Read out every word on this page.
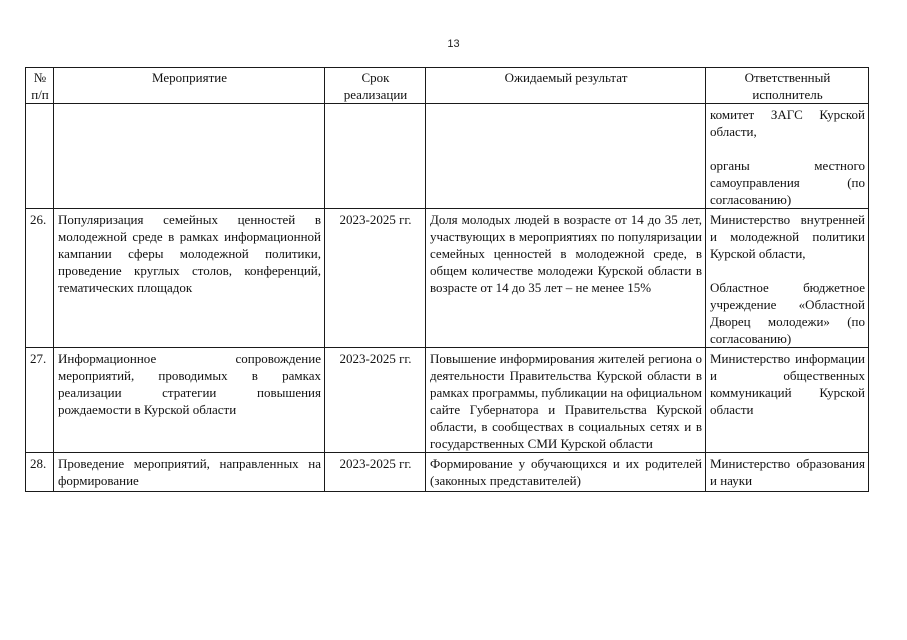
13
№ п/п	Мероприятие	Срок реализации	Ожидаемый результат	Ответственный исполнитель

				комитет ЗАГС Курской области,
органы местного самоуправления (по согласованию)

26.	Популяризация семейных ценностей в молодежной среде в рамках информационной кампании сферы молодежной политики, проведение круглых столов, конференций, тематических площадок	2023-2025 гг.	Доля молодых людей в возрасте от 14 до 35 лет, участвующих в мероприятиях по популяризации семейных ценностей в молодежной среде, в общем количестве молодежи Курской области в возрасте от 14 до 35 лет – не менее 15%	Министерство внутренней и молодежной политики Курской области,
Областное бюджетное учреждение «Областной Дворец молодежи» (по согласованию)

27.	Информационное сопровождение мероприятий, проводимых в рамках реализации стратегии повышения рождаемости в Курской области	2023-2025 гг.	Повышение информирования жителей региона о деятельности Правительства Курской области в рамках программы, публикации на официальном сайте Губернатора и Правительства Курской области, в сообществах в социальных сетях и в государственных СМИ Курской области	Министерство информации и общественных коммуникаций Курской области

28.	Проведение мероприятий, направленных на формирование	2023-2025 гг.	Формирование у обучающихся и их родителей (законных представителей)	Министерство образования и науки
